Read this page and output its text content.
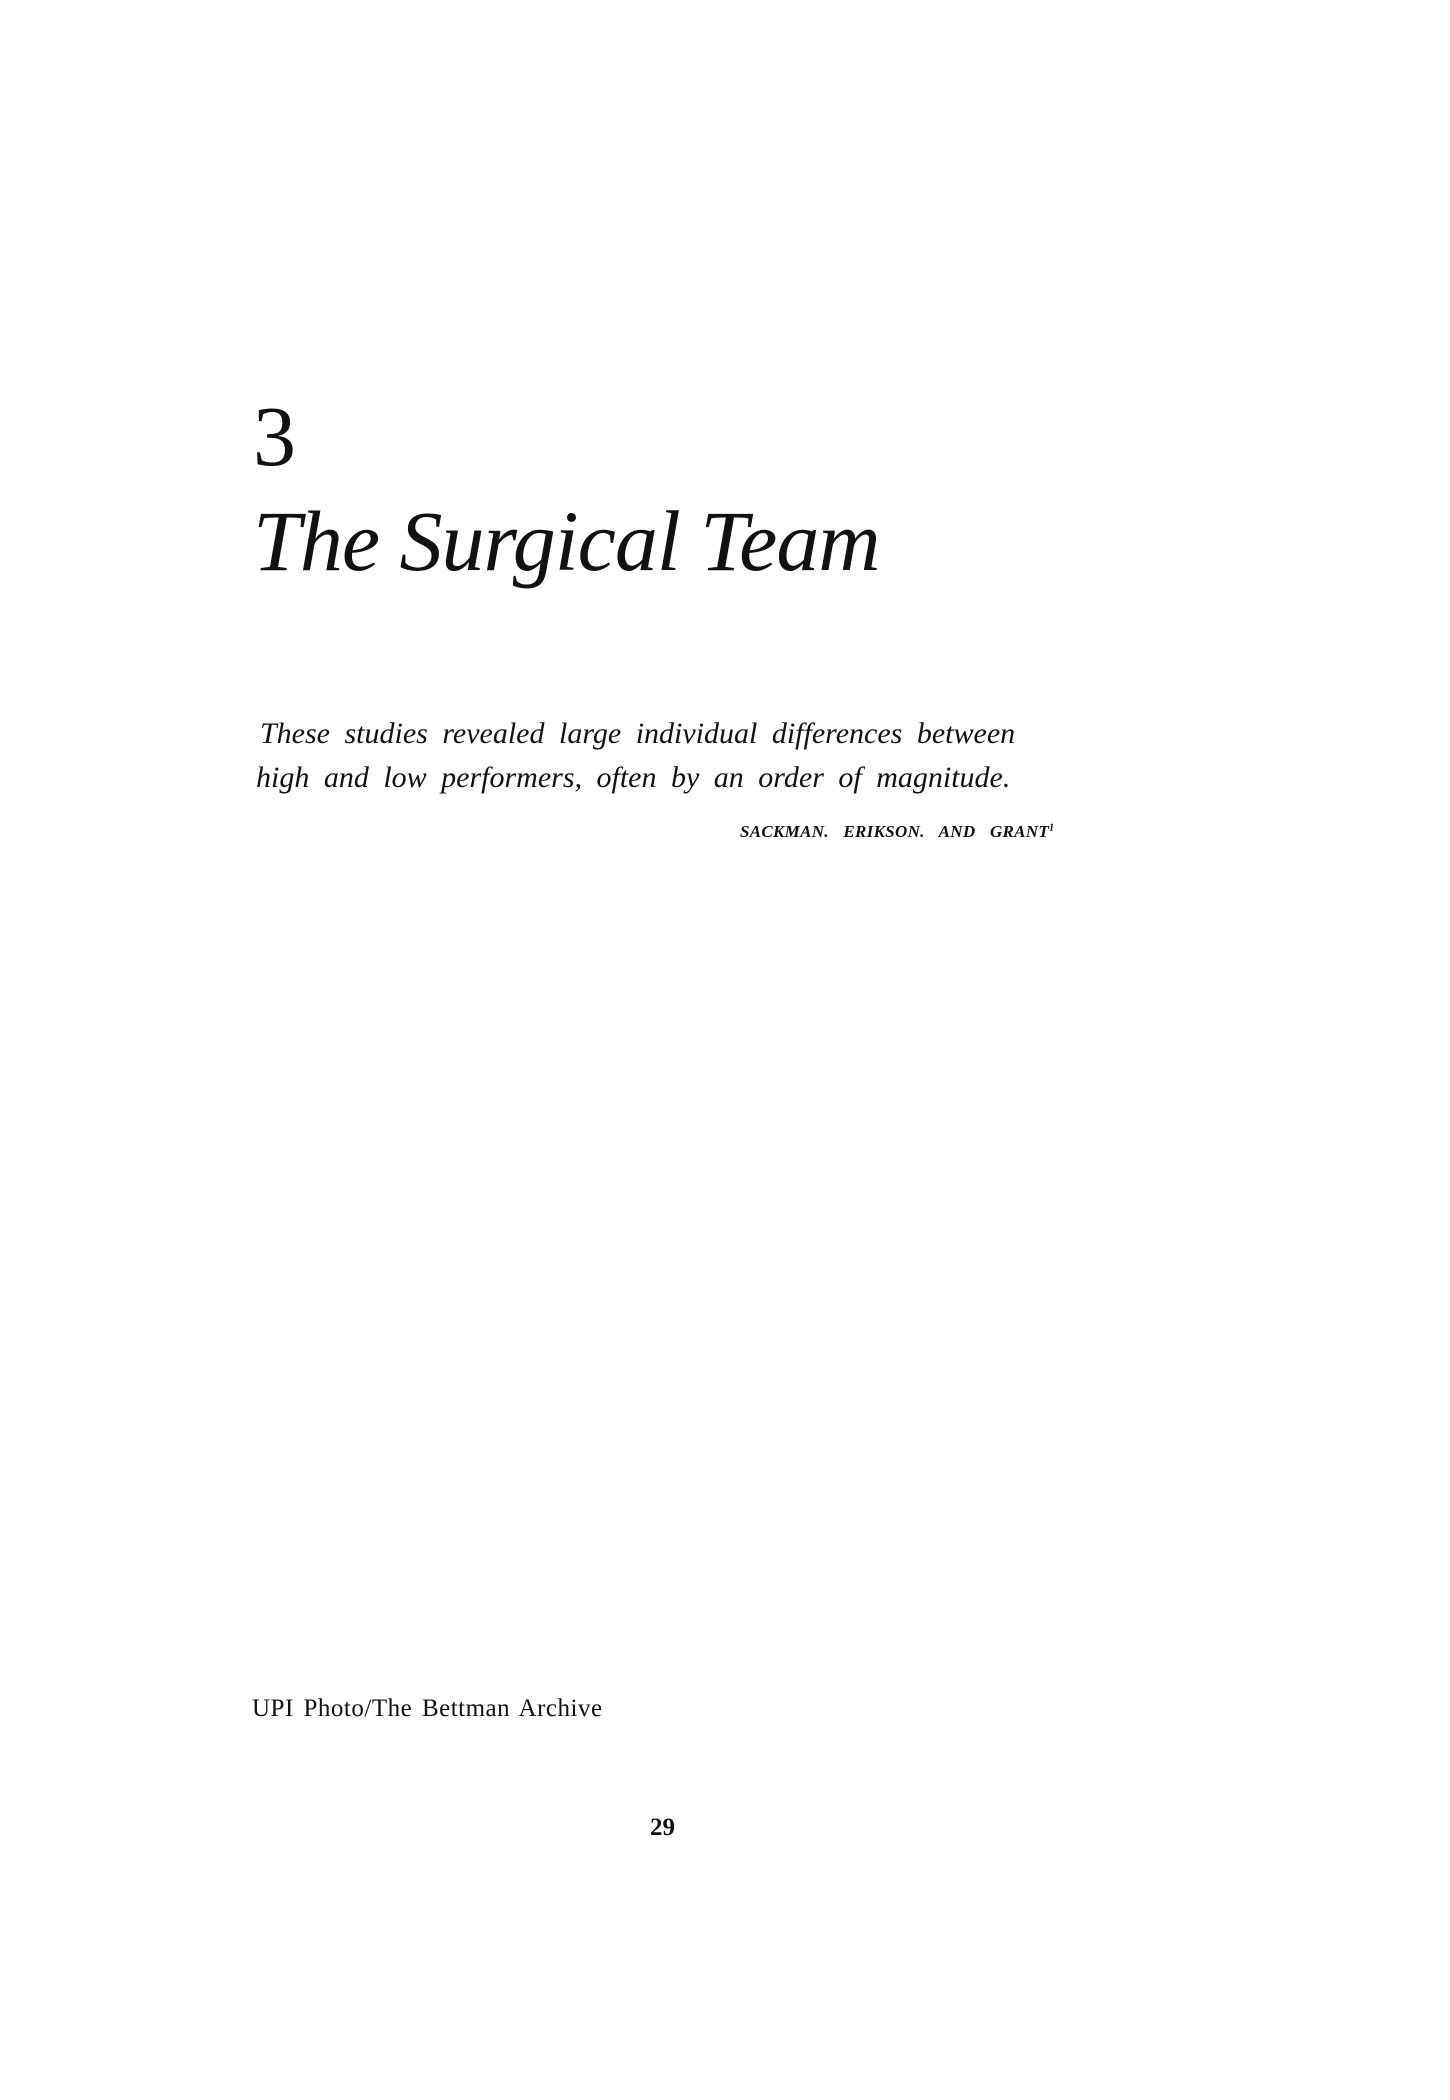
3
The Surgical Team
These studies revealed large individual differences between
high and low performers, often by an order of magnitude.
SACKMAN. ERIKSON. AND GRANT$^1$
UPI Photo/The Bettman Archive
29
